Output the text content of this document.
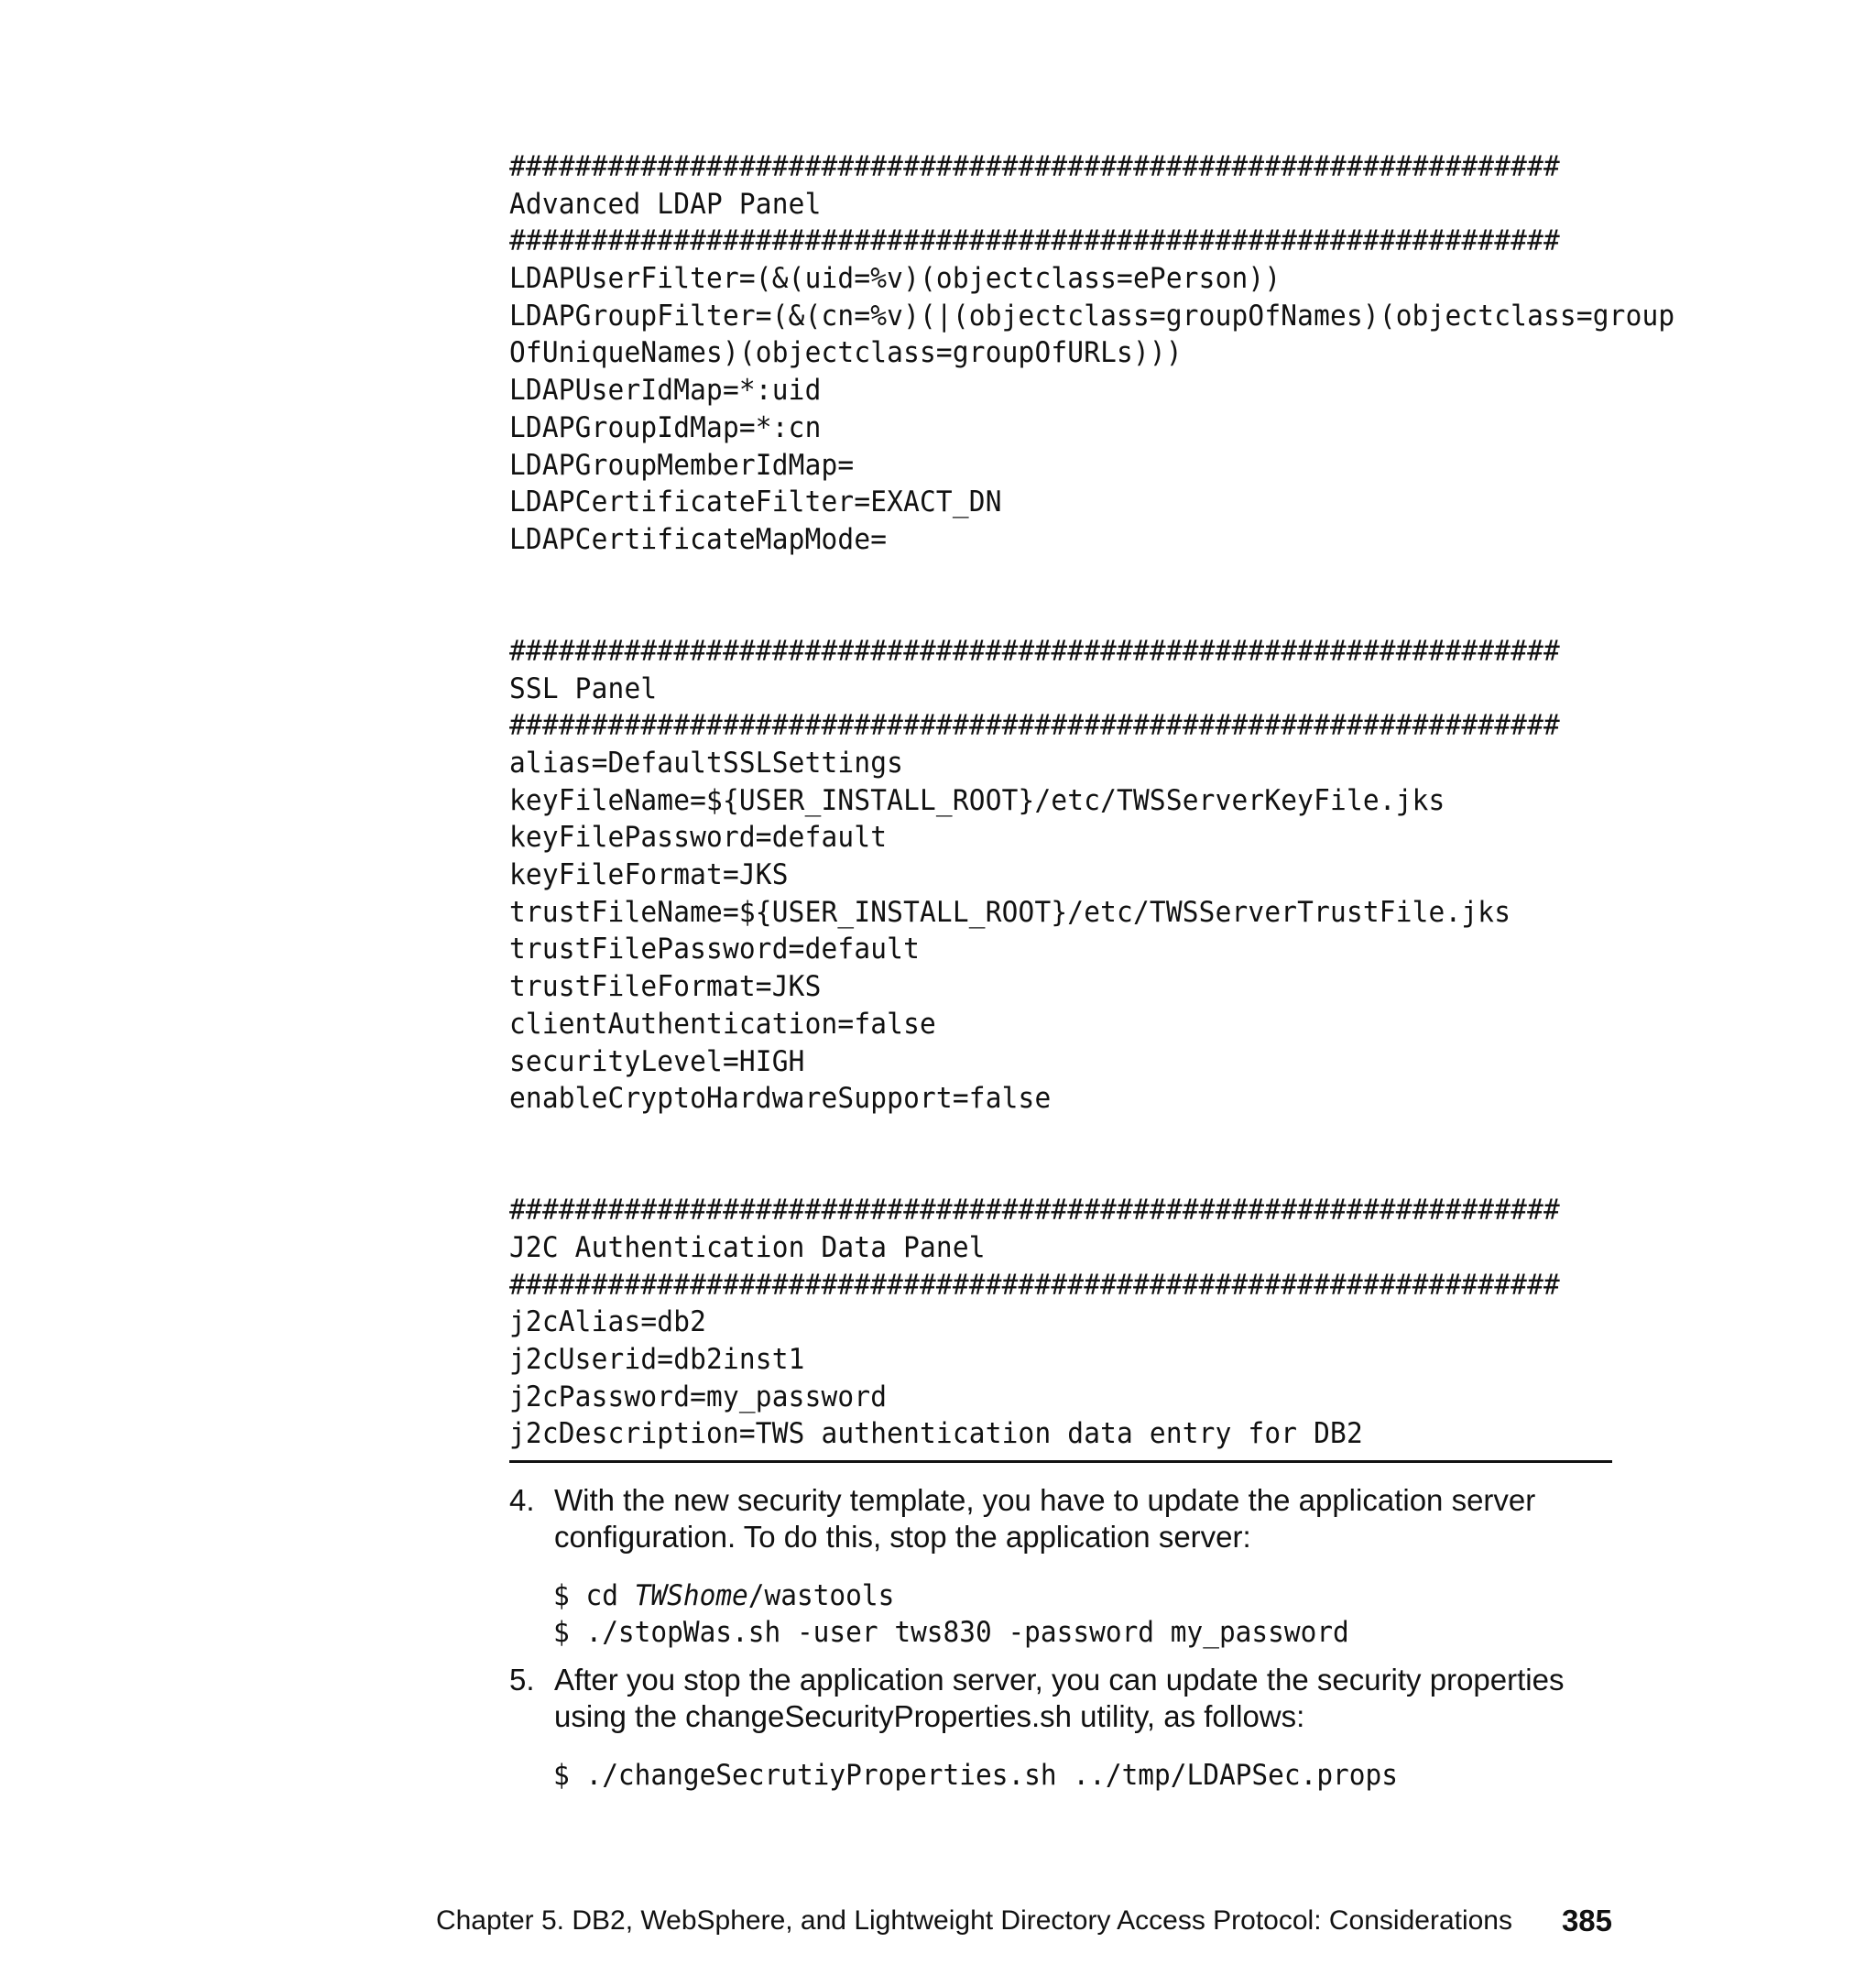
################################################################
Advanced LDAP Panel
################################################################
LDAPUserFilter=(&(uid=%v)(objectclass=ePerson))
LDAPGroupFilter=(&(cn=%v)(|(objectclass=groupOfNames)(objectclass=group
OfUniqueNames)(objectclass=groupOfURLs)))
LDAPUserIdMap=*:uid
LDAPGroupIdMap=*:cn
LDAPGroupMemberIdMap=
LDAPCertificateFilter=EXACT_DN
LDAPCertificateMapMode=
################################################################
SSL Panel
################################################################
alias=DefaultSSLSettings
keyFileName=${USER_INSTALL_ROOT}/etc/TWSServerKeyFile.jks
keyFilePassword=default
keyFileFormat=JKS
trustFileName=${USER_INSTALL_ROOT}/etc/TWSServerTrustFile.jks
trustFilePassword=default
trustFileFormat=JKS
clientAuthentication=false
securityLevel=HIGH
enableCryptoHardwareSupport=false
################################################################
J2C Authentication Data Panel
################################################################
j2cAlias=db2
j2cUserid=db2inst1
j2cPassword=my_password
j2cDescription=TWS authentication data entry for DB2
4. With the new security template, you have to update the application server
configuration. To do this, stop the application server:
$ cd TWShome/wastools
$ ./stopWas.sh -user tws830 -password my_password
5. After you stop the application server, you can update the security properties
using the changeSecurityProperties.sh utility, as follows:
$ ./changeSecrutiyProperties.sh ../tmp/LDAPSec.props
Chapter 5. DB2, WebSphere, and Lightweight Directory Access Protocol: Considerations 385
